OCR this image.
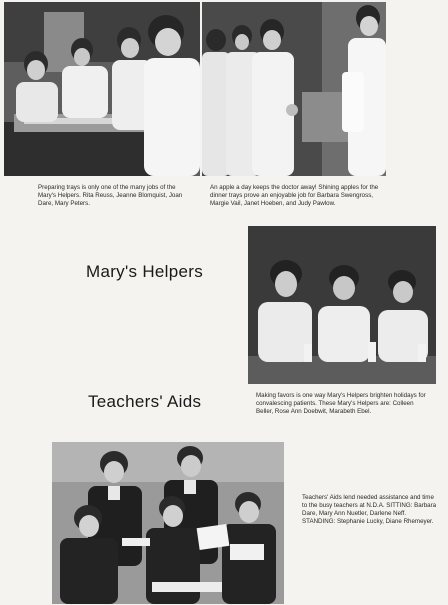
Preparing trays is only one of the many jobs of the Mary's Helpers. Rita Reuss, Jeanne Blomquist, Joan Dare, Mary Peters.

An apple a day keeps the doctor away! Shining apples for the dinner trays prove an enjoyable job for Barbara Swengross, Margie Vail, Janet Hoeben, and Judy Pawlow.

Mary's Helpers
Teachers' Aids	Making favors is one way Mary's Helpers brighten holidays for convalescing patients. These Mary's Helpers are: Colleen Beller, Rose Ann Doebwit, Marabeth Ebel.

Teachers' Aids lend needed assistance and time to the busy teachers at N.D.A. SITTING: Barbara Dare, Mary Ann Nuetler, Darlene Neff. STANDING: Stephanie Lucky, Diane Rhemeyer.
